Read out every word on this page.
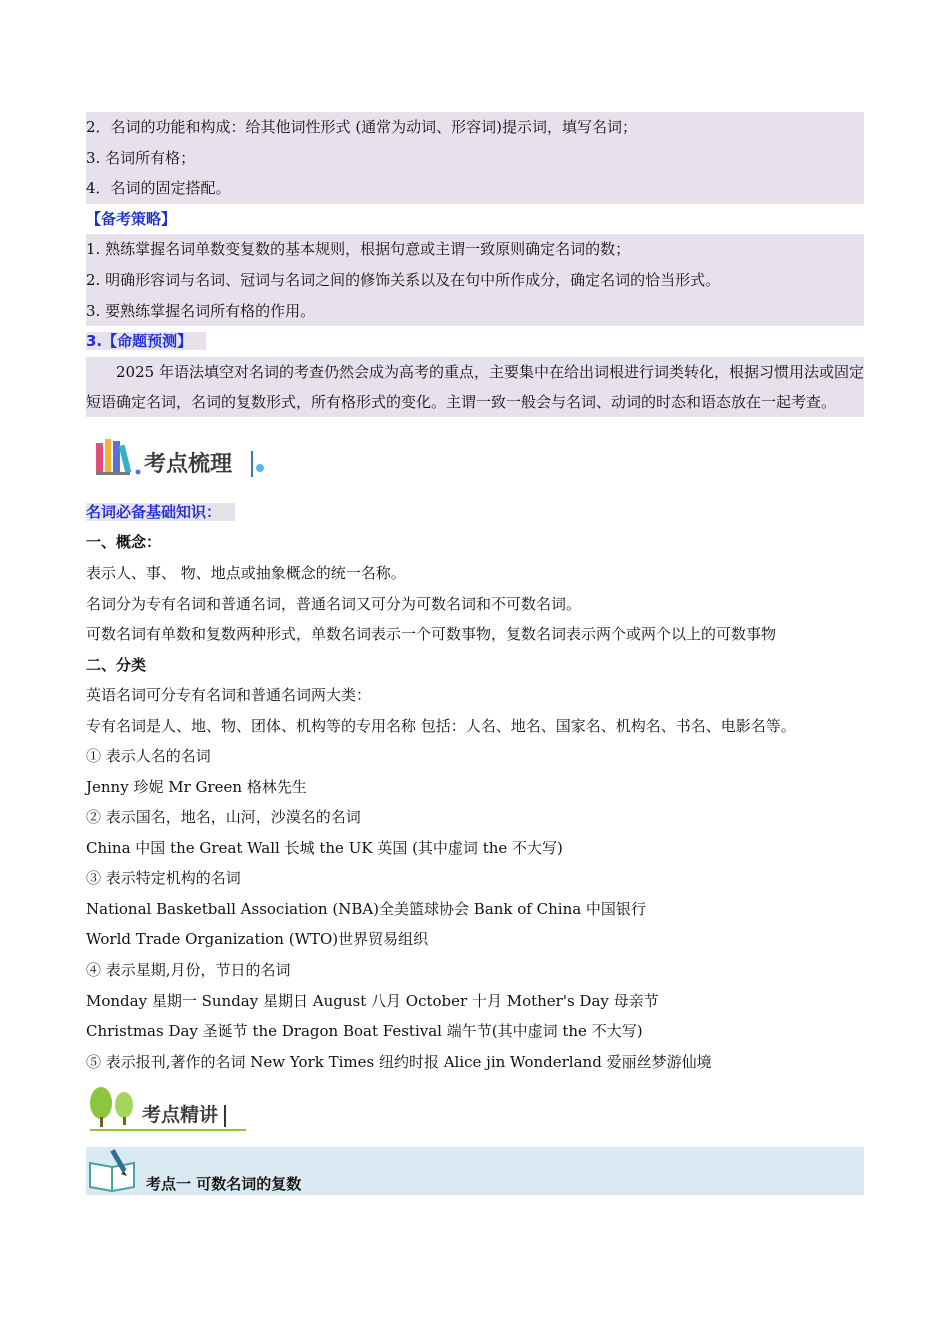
2．名词的功能和构成：给其他词性形式 (通常为动词、形容词)提示词，填写名词；
3. 名词所有格；
4．名词的固定搭配。
【备考策略】
1. 熟练掌握名词单数变复数的基本规则，根据句意或主谓一致原则确定名词的数；
2. 明确形容词与名词、冠词与名词之间的修饰关系以及在句中所作成分，确定名词的恰当形式。
3. 要熟练掌握名词所有格的作用。
3.【命题预测】
2025 年语法填空对名词的考查仍然会成为高考的重点，主要集中在给出词根进行词类转化，根据习惯用法或固定短语确定名词，名词的复数形式，所有格形式的变化。主谓一致一般会与名词、动词的时态和语态放在一起考查。
考点梳理
名词必备基础知识：
一、概念：
表示人、事、 物、地点或抽象概念的统一名称。
名词分为专有名词和普通名词，普通名词又可分为可数名词和不可数名词。
可数名词有单数和复数两种形式，单数名词表示一个可数事物，复数名词表示两个或两个以上的可数事物
二、分类
英语名词可分专有名词和普通名词两大类：
专有名词是人、地、物、团体、机构等的专用名称 包括：人名、地名、国家名、机构名、书名、电影名等。
① 表示人名的名词
Jenny 珍妮 Mr Green 格林先生
② 表示国名，地名，山河，沙漠名的名词
China 中国 the Great Wall 长城 the UK 英国 (其中虚词 the 不大写)
③ 表示特定机构的名词
National Basketball Association (NBA)全美篮球协会 Bank of China 中国银行
World Trade Organization (WTO)世界贸易组织
④ 表示星期,月份，节日的名词
Monday 星期一 Sunday 星期日 August 八月 October 十月 Mother's Day 母亲节
Christmas Day 圣诞节 the Dragon Boat Festival 端午节(其中虚词 the 不大写)
⑤ 表示报刊,著作的名词 New York Times 纽约时报 Alice jin Wonderland 爱丽丝梦游仙境
考点精讲
考点一 可数名词的复数
